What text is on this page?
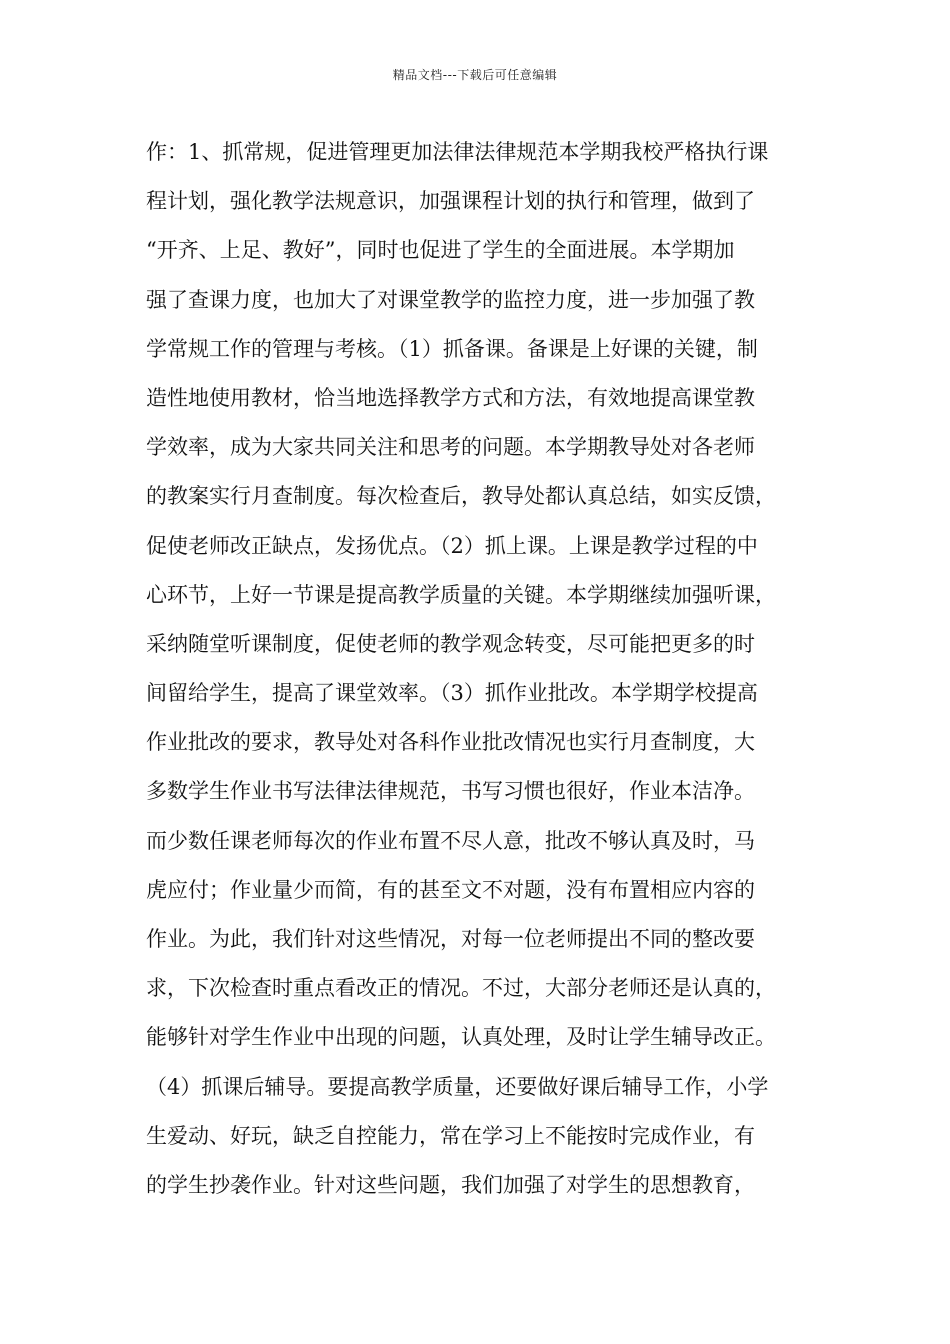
精品文档---下载后可任意编辑
作：1、抓常规，促进管理更加法律法律规范本学期我校严格执行课
程计划，强化教学法规意识，加强课程计划的执行和管理，做到了
“开齐、上足、教好”，同时也促进了学生的全面进展。本学期加
强了查课力度，也加大了对课堂教学的监控力度，进一步加强了教
学常规工作的管理与考核。（1）抓备课。备课是上好课的关键，制
造性地使用教材，恰当地选择教学方式和方法，有效地提高课堂教
学效率，成为大家共同关注和思考的问题。本学期教导处对各老师
的教案实行月查制度。每次检查后，教导处都认真总结，如实反馈，
促使老师改正缺点，发扬优点。（2）抓上课。上课是教学过程的中
心环节，上好一节课是提高教学质量的关键。本学期继续加强听课，
采纳随堂听课制度，促使老师的教学观念转变，尽可能把更多的时
间留给学生，提高了课堂效率。（3）抓作业批改。本学期学校提高
作业批改的要求，教导处对各科作业批改情况也实行月查制度，大
多数学生作业书写法律法律规范，书写习惯也很好，作业本洁净。
而少数任课老师每次的作业布置不尽人意，批改不够认真及时，马
虎应付；作业量少而简，有的甚至文不对题，没有布置相应内容的
作业。为此，我们针对这些情况，对每一位老师提出不同的整改要
求，下次检查时重点看改正的情况。不过，大部分老师还是认真的，
能够针对学生作业中出现的问题，认真处理，及时让学生辅导改正。
（4）抓课后辅导。要提高教学质量，还要做好课后辅导工作，小学
生爱动、好玩，缺乏自控能力，常在学习上不能按时完成作业，有
的学生抄袭作业。针对这些问题，我们加强了对学生的思想教育，
